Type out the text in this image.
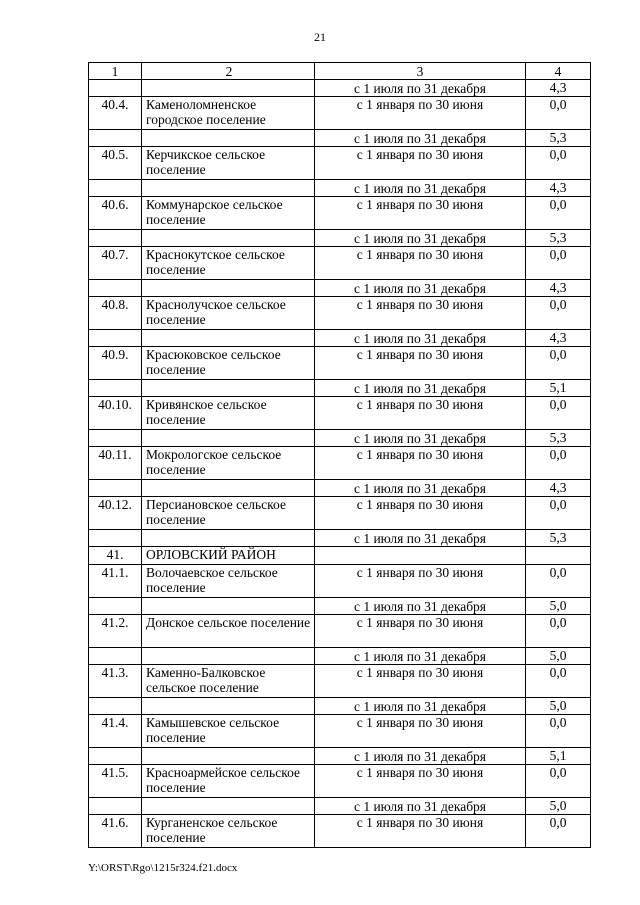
21
1	2	3	4
		с 1 июля по 31 декабря	4,3
40.4.	Каменоломненское городское поселение	с 1 января по 30 июня	0,0
		с 1 июля по 31 декабря	5,3
40.5.	Керчикское сельское поселение	с 1 января по 30 июня	0,0
		с 1 июля по 31 декабря	4,3
40.6.	Коммунарское сельское поселение	с 1 января по 30 июня	0,0
		с 1 июля по 31 декабря	5,3
40.7.	Краснокутское сельское поселение	с 1 января по 30 июня	0,0
		с 1 июля по 31 декабря	4,3
40.8.	Краснолучское сельское поселение	с 1 января по 30 июня	0,0
		с 1 июля по 31 декабря	4,3
40.9.	Красюковское сельское поселение	с 1 января по 30 июня	0,0
		с 1 июля по 31 декабря	5,1
40.10.	Кривянское сельское поселение	с 1 января по 30 июня	0,0
		с 1 июля по 31 декабря	5,3
40.11.	Мокрологское сельское поселение	с 1 января по 30 июня	0,0
		с 1 июля по 31 декабря	4,3
40.12.	Персиановское сельское поселение	с 1 января по 30 июня	0,0
		с 1 июля по 31 декабря	5,3
41.	ОРЛОВСКИЙ РАЙОН		
41.1.	Волочаевское сельское поселение	с 1 января по 30 июня	0,0
		с 1 июля по 31 декабря	5,0
41.2.	Донское сельское поселение	с 1 января по 30 июня	0,0
		с 1 июля по 31 декабря	5,0
41.3.	Каменно-Балковское сельское поселение	с 1 января по 30 июня	0,0
		с 1 июля по 31 декабря	5,0
41.4.	Камышевское сельское поселение	с 1 января по 30 июня	0,0
		с 1 июля по 31 декабря	5,1
41.5.	Красноармейское сельское поселение	с 1 января по 30 июня	0,0
		с 1 июля по 31 декабря	5,0
41.6.	Курганенское сельское поселение	с 1 января по 30 июня	0,0
Y:\ORST\Rgo\1215r324.f21.docx
